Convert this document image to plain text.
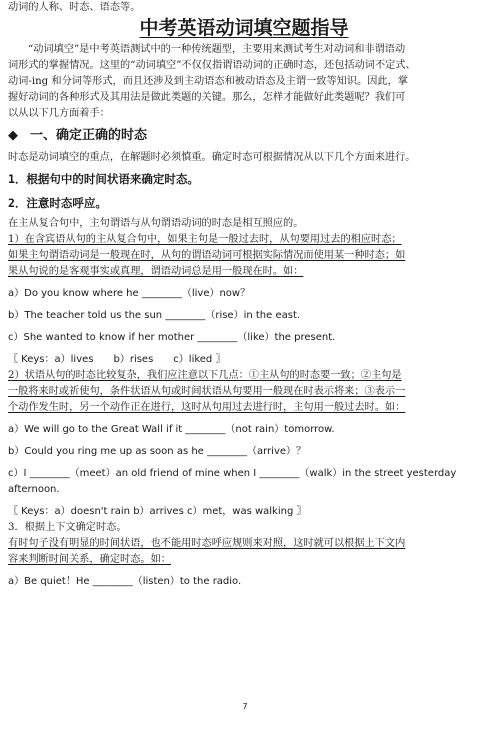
动词的人称、时态、语态等。
中考英语动词填空题指导
“动词填空”是中考英语测试中的一种传统题型，主要用来测试考生对动词和非谓语动
词形式的掌握情况。这里的“动词填空”不仅仅指谓语动词的正确时态，还包括动词不定式、
动词-ing 和分词等形式，而且还涉及到主动语态和被动语态及主谓一致等知识。因此，掌
握好动词的各种形式及其用法是做此类题的关键。那么，怎样才能做好此类题呢？我们可
以从以下几方面着手：
◆ 一、确定正确的时态
时态是动词填空的重点，在解题时必须慎重。确定时态可根据情况从以下几个方面来进行。
1．根据句中的时间状语来确定时态。
2．注意时态呼应。
在主从复合句中，主句谓语与从句谓语动词的时态是相互照应的。
1）在含宾语从句的主从复合句中，如果主句是一般过去时，从句要用过去的相应时态；
如果主句谓语动词是一般现在时，从句的谓语动词可根据实际情况而使用某一种时态；如
果从句说的是客观事实或真理，谓语动词总是用一般现在时。如：
a）Do you know where he ________（live）now？
b）The teacher told us the sun ________（rise）in the east.
c）She wanted to know if her mother ________（like）the present.
〖 Keys：a）lives　　b）rises　　c）liked 〗
2）状语从句的时态比较复杂，我们应注意以下几点：①主从句的时态要一致；②主句是
一般将来时或祈使句，条件状语从句或时间状语从句要用一般现在时表示将来；③表示一
个动作发生时，另一个动作正在进行，这时从句用过去进行时，主句用一般过去时。如：
a）We will go to the Great Wall if it ________（not rain）tomorrow.
b）Could you ring me up as soon as he ________（arrive）？
c）I ________（meet）an old friend of mine when I ________（walk）in the street yesterday
afternoon.
〖 Keys：a）doesn't rain b）arrives c）met，was walking 〗
3．根据上下文确定时态。
有时句子没有明显的时间状语，也不能用时态呼应规则来对照，这时就可以根据上下文内
容来判断时间关系，确定时态。如：
a）Be quiet！He ________（listen）to the radio.
7
